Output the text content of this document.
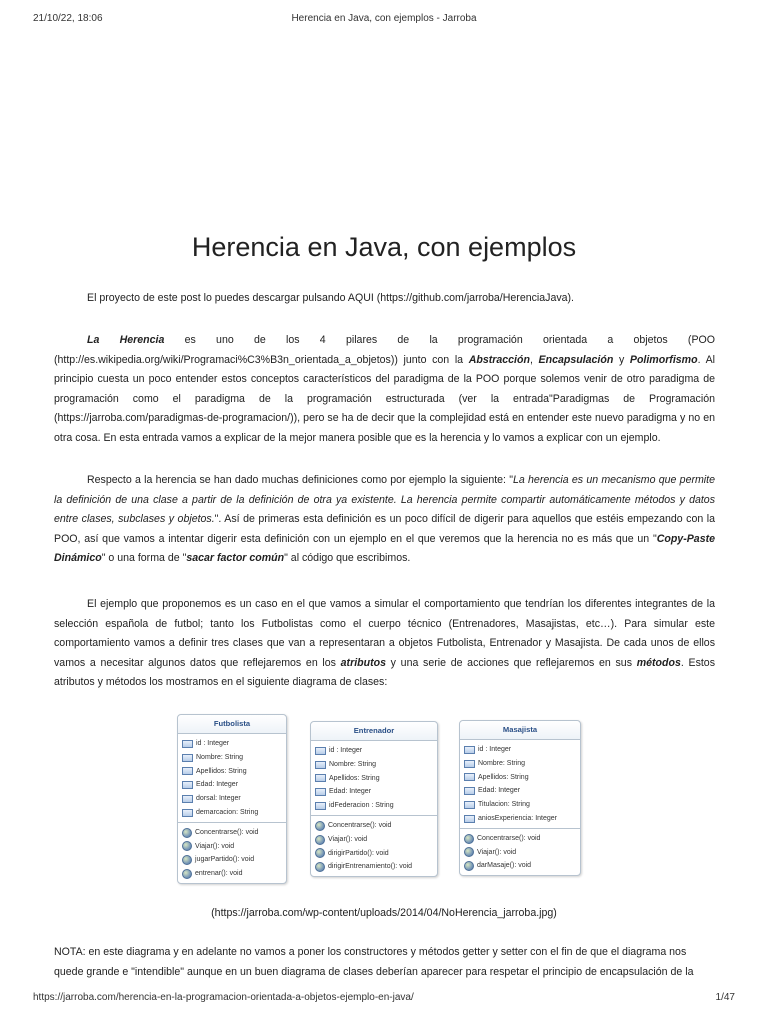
21/10/22, 18:06	Herencia en Java, con ejemplos - Jarroba
Herencia en Java, con ejemplos

El proyecto de este post lo puedes descargar pulsando AQUI (https://github.com/jarroba/HerenciaJava).

La Herencia es uno de los 4 pilares de la programación orientada a objetos (POO (http://es.wikipedia.org/wiki/Programaci%C3%B3n_orientada_a_objetos)) junto con la Abstracción, Encapsulación y Polimorfismo. Al principio cuesta un poco entender estos conceptos característicos del paradigma de la POO porque solemos venir de otro paradigma de programación como el paradigma de la programación estructurada (ver la entrada"Paradigmas de Programación (https://jarroba.com/paradigmas-de-programacion/)), pero se ha de decir que la complejidad está en entender este nuevo paradigma y no en otra cosa. En esta entrada vamos a explicar de la mejor manera posible que es la herencia y lo vamos a explicar con un ejemplo.

Respecto a la herencia se han dado muchas definiciones como por ejemplo la siguiente: "La herencia es un mecanismo que permite la definición de una clase a partir de la definición de otra ya existente. La herencia permite compartir automáticamente métodos y datos entre clases, subclases y objetos.". Así de primeras esta definición es un poco difícil de digerir para aquellos que estéis empezando con la POO, así que vamos a intentar digerir esta definición con un ejemplo en el que veremos que la herencia no es más que un "Copy-Paste Dinámico" o una forma de "sacar factor común" al código que escribimos.

El ejemplo que proponemos es un caso en el que vamos a simular el comportamiento que tendrían los diferentes integrantes de la selección española de futbol; tanto los Futbolistas como el cuerpo técnico (Entrenadores, Masajistas, etc…). Para simular este comportamiento vamos a definir tres clases que van a representaran a objetos Futbolista, Entrenador y Masajista. De cada unos de ellos vamos a necesitar algunos datos que reflejaremos en los atributos y una serie de acciones que reflejaremos en sus métodos. Estos atributos y métodos los mostramos en el siguiente diagrama de clases:

Futbolista
id : Integer
Nombre: String
Apellidos: String
Edad: Integer
dorsal: Integer
demarcacion: String
Concentrarse(): void
Viajar(): void
jugarPartido(): void
entrenar(): void
Entrenador
id : Integer
Nombre: String
Apellidos: String
Edad: Integer
idFederacion : String
Concentrarse(): void
Viajar(): void
dirigirPartido(): void
dirigirEntrenamiento(): void
Masajista
id : Integer
Nombre: String
Apellidos: String
Edad: Integer
Titulacion: String
aniosExperiencia: Integer
Concentrarse(): void
Viajar(): void
darMasaje(): void
(https://jarroba.com/wp-content/uploads/2014/04/NoHerencia_jarroba.jpg)

NOTA: en este diagrama y en adelante no vamos a poner los constructores y métodos getter y setter con el fin de que el diagrama nos quede grande e "intendible" aunque en un buen diagrama de clases deberían aparecer para respetar el principio de encapsulación de la

https://jarroba.com/herencia-en-la-programacion-orientada-a-objetos-ejemplo-en-java/	1/47
